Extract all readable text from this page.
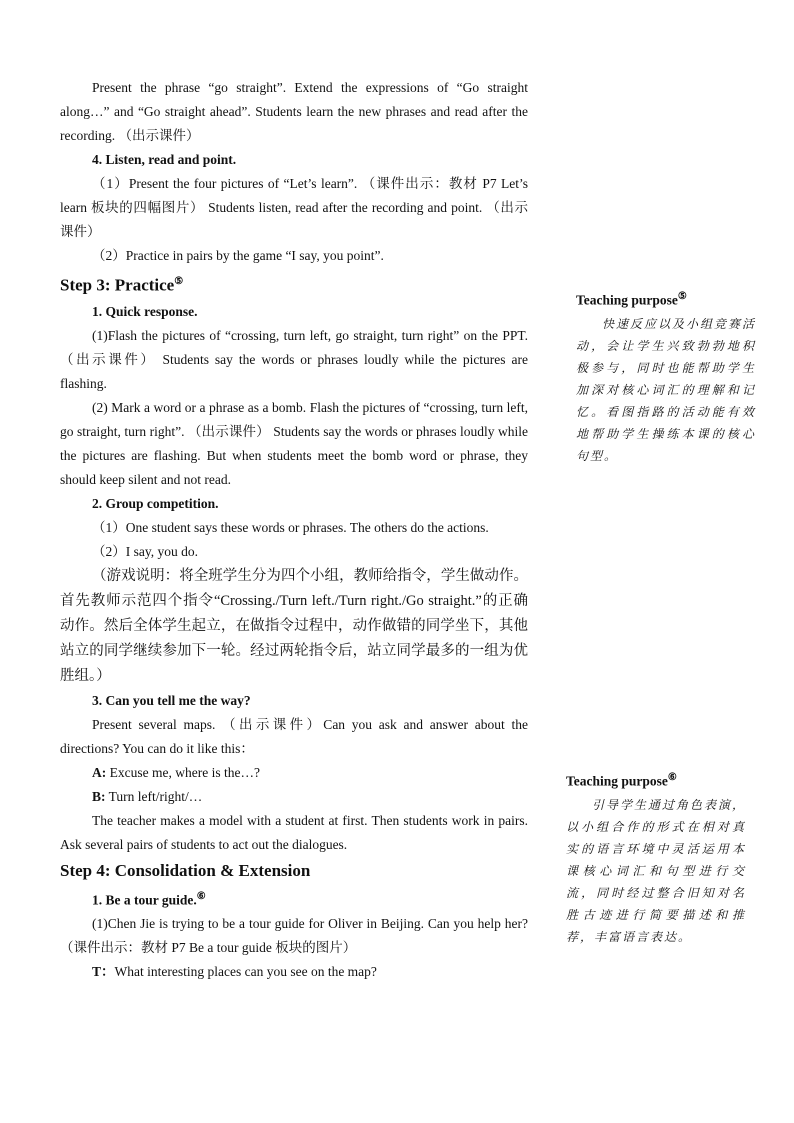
Present the phrase “go straight”. Extend the expressions of “Go straight along…” and “Go straight ahead”. Students learn the new phrases and read after the recording. （出示课件）

4. Listen, read and point.

（1）Present the four pictures of “Let’s learn”. （课件出示：教材 P7 Let’s learn 板块的四幅图片） Students listen, read after the recording and point. （出示课件）

（2）Practice in pairs by the game “I say, you point”.

Step 3: Practice⑤

1. Quick response.

(1)Flash the pictures of “crossing, turn left, go straight, turn right” on the PPT. （出示课件） Students say the words or phrases loudly while the pictures are flashing.

(2) Mark a word or a phrase as a bomb. Flash the pictures of “crossing, turn left, go straight, turn right”. （出示课件） Students say the words or phrases loudly while the pictures are flashing. But when students meet the bomb word or phrase, they should keep silent and not read.

2. Group competition.

（1）One student says these words or phrases. The others do the actions.

（2）I say, you do.

（游戏说明：将全班学生分为四个小组，教师给指令，学生做动作。首先教师示范四个指令“Crossing./Turn left./Turn right./Go straight.”的正确动作。然后全体学生起立，在做指令过程中，动作做错的同学坐下，其他站立的同学继续参加下一轮。经过两轮指令后，站立同学最多的一组为优胜组。）

3. Can you tell me the way?

Present several maps. （出示课件）Can you ask and answer about the directions? You can do it like this：

A: Excuse me, where is the…?

B: Turn left/right/…

The teacher makes a model with a student at first. Then students work in pairs. Ask several pairs of students to act out the dialogues.

Step 4: Consolidation & Extension

1. Be a tour guide.⑥

(1)Chen Jie is trying to be a tour guide for Oliver in Beijing. Can you help her?（课件出示：教材 P7 Be a tour guide 板块的图片）

T：What interesting places can you see on the map?

Teaching purpose⑤

快速反应以及小组竞赛活动，会让学生兴致勃勃地积极参与，同时也能帮助学生加深对核心词汇的理解和记忆。看图指路的活动能有效地帮助学生操练本课的核心句型。

Teaching purpose⑥

引导学生通过角色表演，以小组合作的形式在相对真实的语言环境中灵活运用本课核心词汇和句型进行交流，同时经过整合旧知对名胜古迹进行简要描述和推荐，丰富语言表达。
